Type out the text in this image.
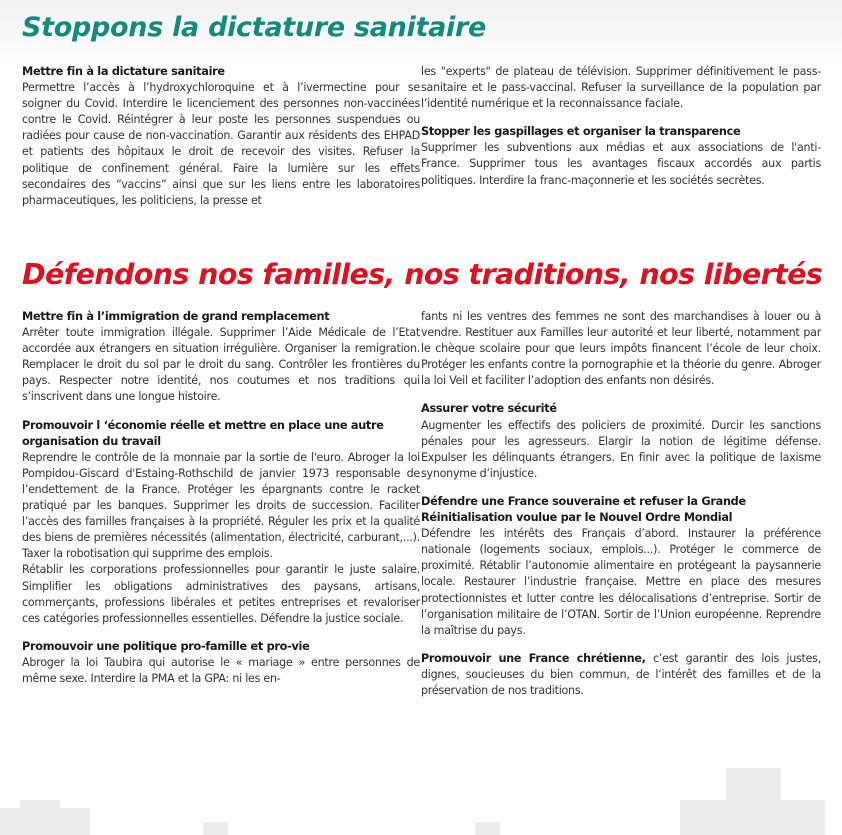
Stoppons la dictature sanitaire
Mettre fin à la dictature sanitaire

Permettre l’accès à l’hydroxychloroquine et à l’ivermectine pour se soigner du Covid. Interdire le licenciement des personnes non-vaccinées contre le Covid. Réintégrer à leur poste les personnes suspendues ou radiées pour cause de non-vaccination. Garantir aux résidents des EHPAD et patients des hôpitaux le droit de recevoir des visites. Refuser la politique de confinement général. Faire la lumière sur les effets secondaires des “vaccins” ainsi que sur les liens entre les laboratoires pharmaceutiques, les politiciens, la presse et

les "experts" de plateau de télévision. Supprimer définitivement le pass-sanitaire et le pass-vaccinal. Refuser la surveillance de la population par l’identité numérique et la reconnaissance faciale.

Stopper les gaspillages et organiser la transparence

Supprimer les subventions aux médias et aux associations de l'anti-France. Supprimer tous les avantages fiscaux accordés aux partis politiques. Interdire la franc-maçonnerie et les sociétés secrètes.

Défendons nos familles, nos traditions, nos libertés
Mettre fin à l’immigration de grand remplacement

Arrêter toute immigration illégale. Supprimer l’Aide Médicale de l’Etat accordée aux étrangers en situation irrégulière. Organiser la remigration. Remplacer le droit du sol par le droit du sang. Contrôler les frontières du pays. Respecter notre identité, nos coutumes et nos traditions qui s’inscrivent dans une longue histoire.

Promouvoir l ‘économie réelle et mettre en place une autre organisation du travail

Reprendre le contrôle de la monnaie par la sortie de l'euro. Abroger la loi Pompidou-Giscard d'Estaing-Rothschild de janvier 1973 responsable de l’endettement de la France. Protéger les épargnants contre le racket pratiqué par les banques. Supprimer les droits de succession. Faciliter l’accès des familles françaises à la propriété. Réguler les prix et la qualité des biens de premières nécessités (alimentation, électricité, carburant,...). Taxer la robotisation qui supprime des emplois.

Rétablir les corporations professionnelles pour garantir le juste salaire. Simplifier les obligations administratives des paysans, artisans, commerçants, professions libérales et petites entreprises et revaloriser ces catégories professionnelles essentielles. Défendre la justice sociale.

Promouvoir une politique pro-famille et pro-vie

Abroger la loi Taubira qui autorise le « mariage » entre personnes de même sexe. Interdire la PMA et la GPA: ni les en-

fants ni les ventres des femmes ne sont des marchandises à louer ou à vendre. Restituer aux Familles leur autorité et leur liberté, notamment par le chèque scolaire pour que leurs impôts financent l’école de leur choix. Protéger les enfants contre la pornographie et la théorie du genre. Abroger la loi Veil et faciliter l’adoption des enfants non désirés.

Assurer votre sécurité

Augmenter les effectifs des policiers de proximité. Durcir les sanctions pénales pour les agresseurs. Elargir la notion de légitime défense. Expulser les délinquants étrangers. En finir avec la politique de laxisme synonyme d’injustice.

Défendre une France souveraine et refuser la Grande Réinitialisation voulue par le Nouvel Ordre Mondial

Défendre les intérêts des Français d’abord. Instaurer la préférence nationale (logements sociaux, emplois...). Protéger le commerce de proximité. Rétablir l’autonomie alimentaire en protégeant la paysannerie locale. Restaurer l’industrie française. Mettre en place des mesures protectionnistes et lutter contre les délocalisations d’entreprise. Sortir de l’organisation militaire de l’OTAN. Sortir de l’Union européenne. Reprendre la maîtrise du pays.

Promouvoir une France chrétienne, c’est garantir des lois justes, dignes, soucieuses du bien commun, de l’intérêt des familles et de la préservation de nos traditions.
